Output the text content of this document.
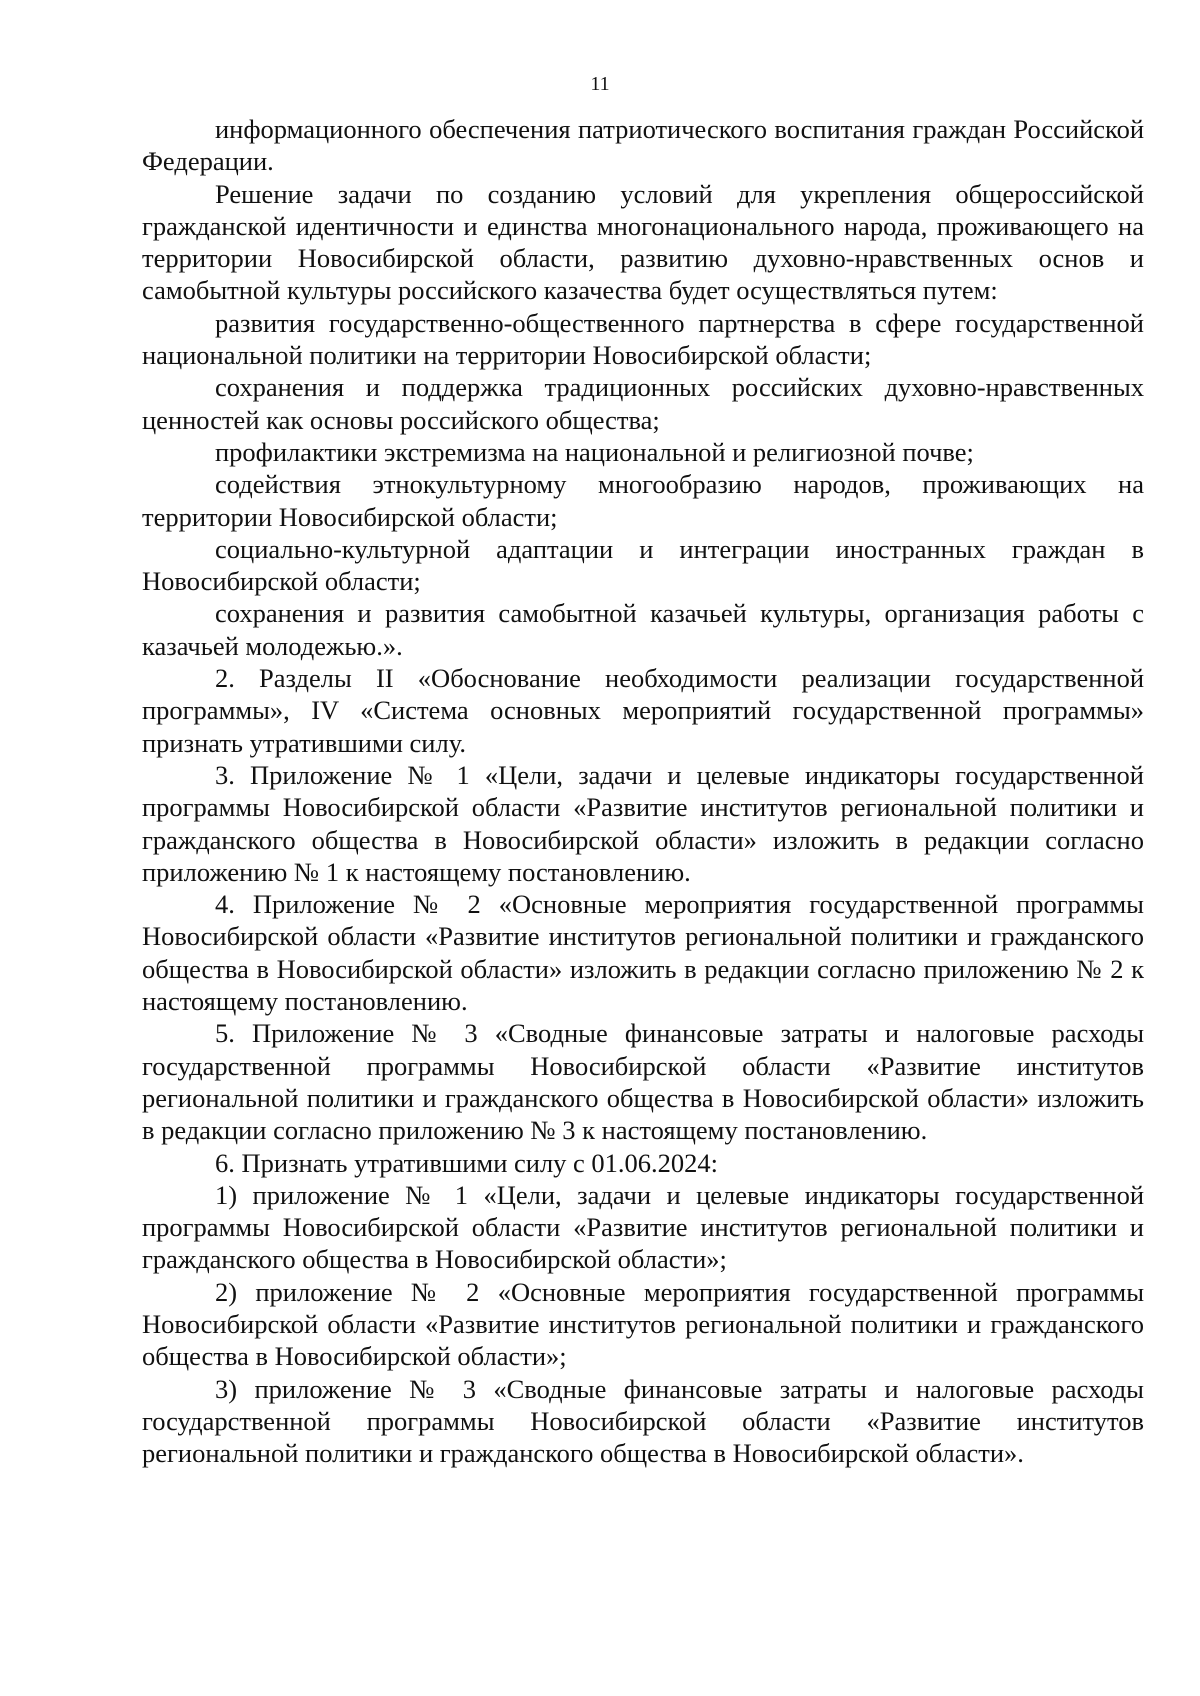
11

информационного обеспечения патриотического воспитания граждан Российской Федерации.

Решение задачи по созданию условий для укрепления общероссийской гражданской идентичности и единства многонационального народа, проживающего на территории Новосибирской области, развитию духовно-нравственных основ и самобытной культуры российского казачества будет осуществляться путем:

развития государственно-общественного партнерства в сфере государственной национальной политики на территории Новосибирской области;

сохранения и поддержка традиционных российских духовно-нравственных ценностей как основы российского общества;

профилактики экстремизма на национальной и религиозной почве;

содействия этнокультурному многообразию народов, проживающих на территории Новосибирской области;

социально-культурной адаптации и интеграции иностранных граждан в Новосибирской области;

сохранения и развития самобытной казачьей культуры, организация работы с казачьей молодежью.».

2. Разделы II «Обоснование необходимости реализации государственной программы», IV «Система основных мероприятий государственной программы» признать утратившими силу.

3. Приложение № 1 «Цели, задачи и целевые индикаторы государственной программы Новосибирской области «Развитие институтов региональной политики и гражданского общества в Новосибирской области» изложить в редакции согласно приложению № 1 к настоящему постановлению.

4. Приложение № 2 «Основные мероприятия государственной программы Новосибирской области «Развитие институтов региональной политики и гражданского общества в Новосибирской области» изложить в редакции согласно приложению № 2 к настоящему постановлению.

5. Приложение № 3 «Сводные финансовые затраты и налоговые расходы государственной программы Новосибирской области «Развитие институтов региональной политики и гражданского общества в Новосибирской области» изложить в редакции согласно приложению № 3 к настоящему постановлению.

6. Признать утратившими силу с 01.06.2024:

1) приложение № 1 «Цели, задачи и целевые индикаторы государственной программы Новосибирской области «Развитие институтов региональной политики и гражданского общества в Новосибирской области»;

2) приложение № 2 «Основные мероприятия государственной программы Новосибирской области «Развитие институтов региональной политики и гражданского общества в Новосибирской области»;

3) приложение № 3 «Сводные финансовые затраты и налоговые расходы государственной программы Новосибирской области «Развитие институтов региональной политики и гражданского общества в Новосибирской области».
